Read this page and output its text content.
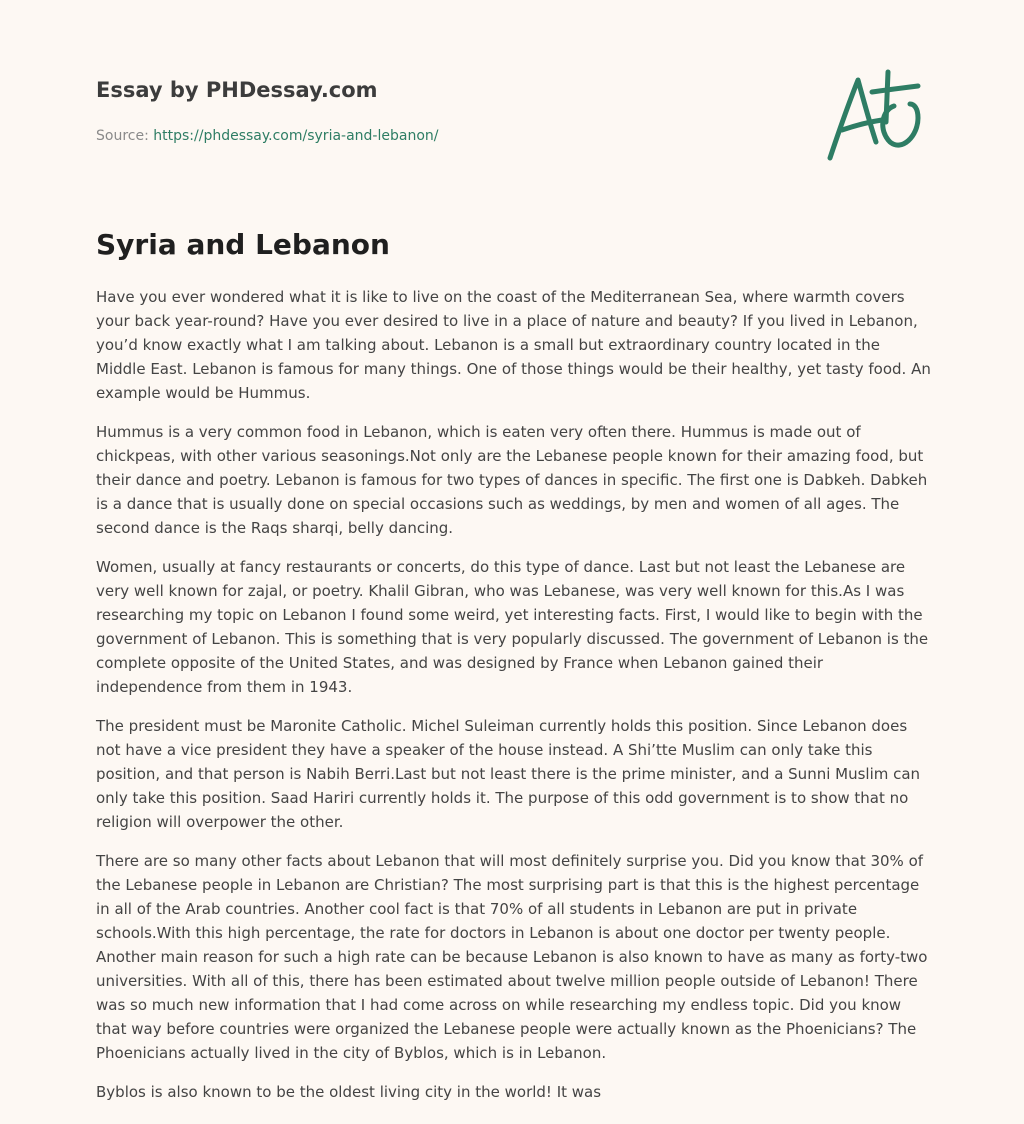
Essay by PHDessay.com
Source: https://phdessay.com/syria-and-lebanon/
Syria and Lebanon

Have you ever wondered what it is like to live on the coast of the Mediterranean Sea, where warmth covers your back year-round? Have you ever desired to live in a place of nature and beauty? If you lived in Lebanon, you’d know exactly what I am talking about. Lebanon is a small but extraordinary country located in the Middle East. Lebanon is famous for many things. One of those things would be their healthy, yet tasty food. An example would be Hummus.

Hummus is a very common food in Lebanon, which is eaten very often there. Hummus is made out of chickpeas, with other various seasonings.Not only are the Lebanese people known for their amazing food, but their dance and poetry. Lebanon is famous for two types of dances in specific. The first one is Dabkeh. Dabkeh is a dance that is usually done on special occasions such as weddings, by men and women of all ages. The second dance is the Raqs sharqi, belly dancing.

Women, usually at fancy restaurants or concerts, do this type of dance. Last but not least the Lebanese are very well known for zajal, or poetry. Khalil Gibran, who was Lebanese, was very well known for this.As I was researching my topic on Lebanon I found some weird, yet interesting facts. First, I would like to begin with the government of Lebanon. This is something that is very popularly discussed. The government of Lebanon is the complete opposite of the United States, and was designed by France when Lebanon gained their independence from them in 1943.

The president must be Maronite Catholic. Michel Suleiman currently holds this position. Since Lebanon does not have a vice president they have a speaker of the house instead. A Shi’tte Muslim can only take this position, and that person is Nabih Berri.Last but not least there is the prime minister, and a Sunni Muslim can only take this position. Saad Hariri currently holds it. The purpose of this odd government is to show that no religion will overpower the other.

There are so many other facts about Lebanon that will most definitely surprise you. Did you know that 30% of the Lebanese people in Lebanon are Christian? The most surprising part is that this is the highest percentage in all of the Arab countries. Another cool fact is that 70% of all students in Lebanon are put in private schools.With this high percentage, the rate for doctors in Lebanon is about one doctor per twenty people. Another main reason for such a high rate can be because Lebanon is also known to have as many as forty-two universities. With all of this, there has been estimated about twelve million people outside of Lebanon! There was so much new information that I had come across on while researching my endless topic. Did you know that way before countries were organized the Lebanese people were actually known as the Phoenicians? The Phoenicians actually lived in the city of Byblos, which is in Lebanon.

Byblos is also known to be the oldest living city in the world! It was
